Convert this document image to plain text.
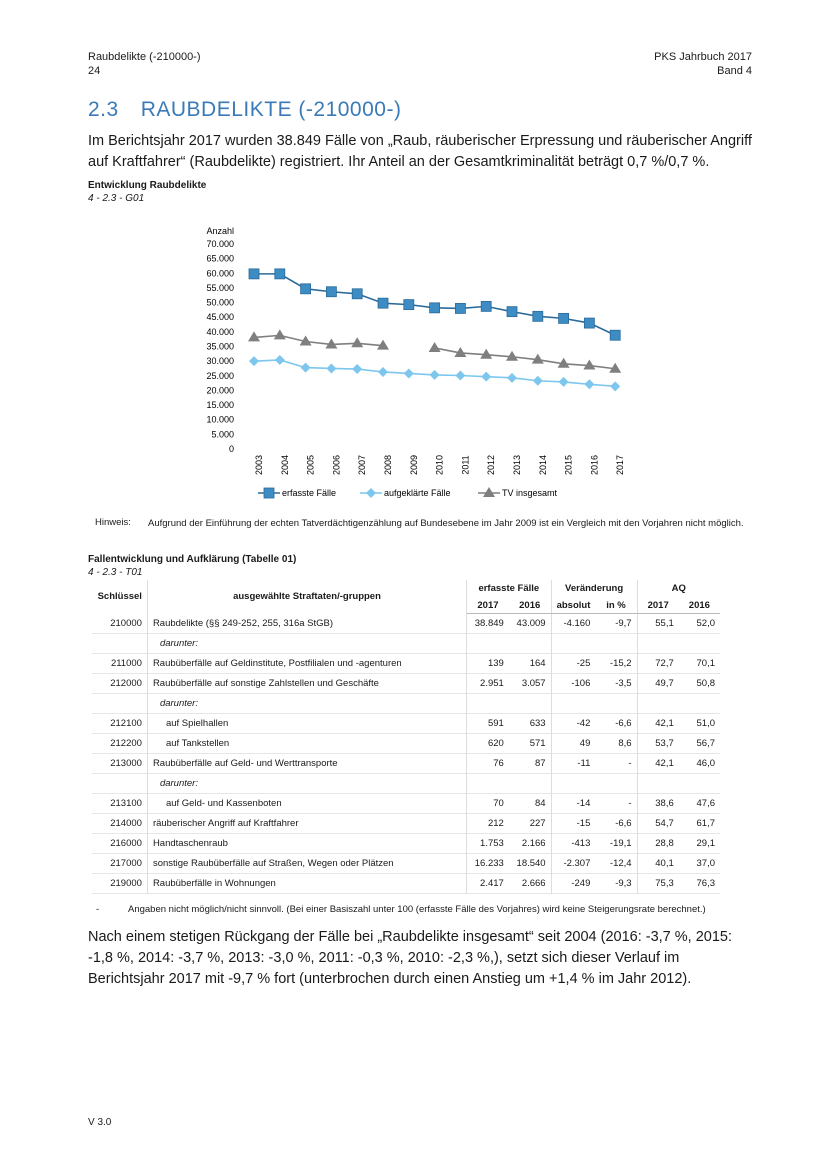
Raubdelikte (-210000-)
24
PKS Jahrbuch 2017
Band 4
2.3 RAUBDELIKTE (-210000-)
Im Berichtsjahr 2017 wurden 38.849 Fälle von „Raub, räuberischer Erpressung und räuberischer Angriff auf Kraftfahrer“ (Raubdelikte) registriert. Ihr Anteil an der Gesamtkriminalität beträgt 0,7 %/0,7 %.
Entwicklung Raubdelikte
4 - 2.3 - G01
Anzahl
0
5.000
10.000
15.000
20.000
25.000
30.000
35.000
40.000
45.000
50.000
55.000
60.000
65.000
70.000
2003 2004 2005 2006 2007 2008 2009 2010 2011 2012 2013 2014 2015 2016 2017
erfasste Fälle	aufgeklärte Fälle	TV insgesamt
Hinweis: Aufgrund der Einführung der echten Tatverdächtigenzählung auf Bundesebene im Jahr 2009 ist ein Vergleich mit den Vorjahren nicht möglich.
Fallentwicklung und Aufklärung (Tabelle 01)
4 - 2.3 - T01
Schlüssel	ausgewählte Straftaten/-gruppen	erfasste Fälle		Veränderung		AQ	
		2017	2016	absolut	in %	2017	2016
210000	Raubdelikte (§§ 249-252, 255, 316a StGB)	38.849	43.009	-4.160	-9,7	55,1	52,0
	darunter:						
211000	Raubüberfälle auf Geldinstitute, Postfilialen und -agenturen	139	164	-25	-15,2	72,7	70,1
212000	Raubüberfälle auf sonstige Zahlstellen und Geschäfte	2.951	3.057	-106	-3,5	49,7	50,8
	darunter:						
212100	auf Spielhallen	591	633	-42	-6,6	42,1	51,0
212200	auf Tankstellen	620	571	49	8,6	53,7	56,7
213000	Raubüberfälle auf Geld- und Werttransporte	76	87	-11	-	42,1	46,0
	darunter:						
213100	auf Geld- und Kassenboten	70	84	-14	-	38,6	47,6
214000	räuberischer Angriff auf Kraftfahrer	212	227	-15	-6,6	54,7	61,7
216000	Handtaschenraub	1.753	2.166	-413	-19,1	28,8	29,1
217000	sonstige Raubüberfälle auf Straßen, Wegen oder Plätzen	16.233	18.540	-2.307	-12,4	40,1	37,0
219000	Raubüberfälle in Wohnungen	2.417	2.666	-249	-9,3	75,3	76,3
-	Angaben nicht möglich/nicht sinnvoll. (Bei einer Basiszahl unter 100 (erfasste Fälle des Vorjahres) wird keine Steigerungsrate berechnet.)
Nach einem stetigen Rückgang der Fälle bei „Raubdelikte insgesamt“ seit 2004 (2016: -3,7 %, 2015: -1,8 %, 2014: -3,7 %, 2013: -3,0 %, 2011: -0,3 %, 2010: -2,3 %,), setzt sich dieser Verlauf im Berichtsjahr 2017 mit -9,7 % fort (unterbrochen durch einen Anstieg um +1,4 % im Jahr 2012).
V 3.0
